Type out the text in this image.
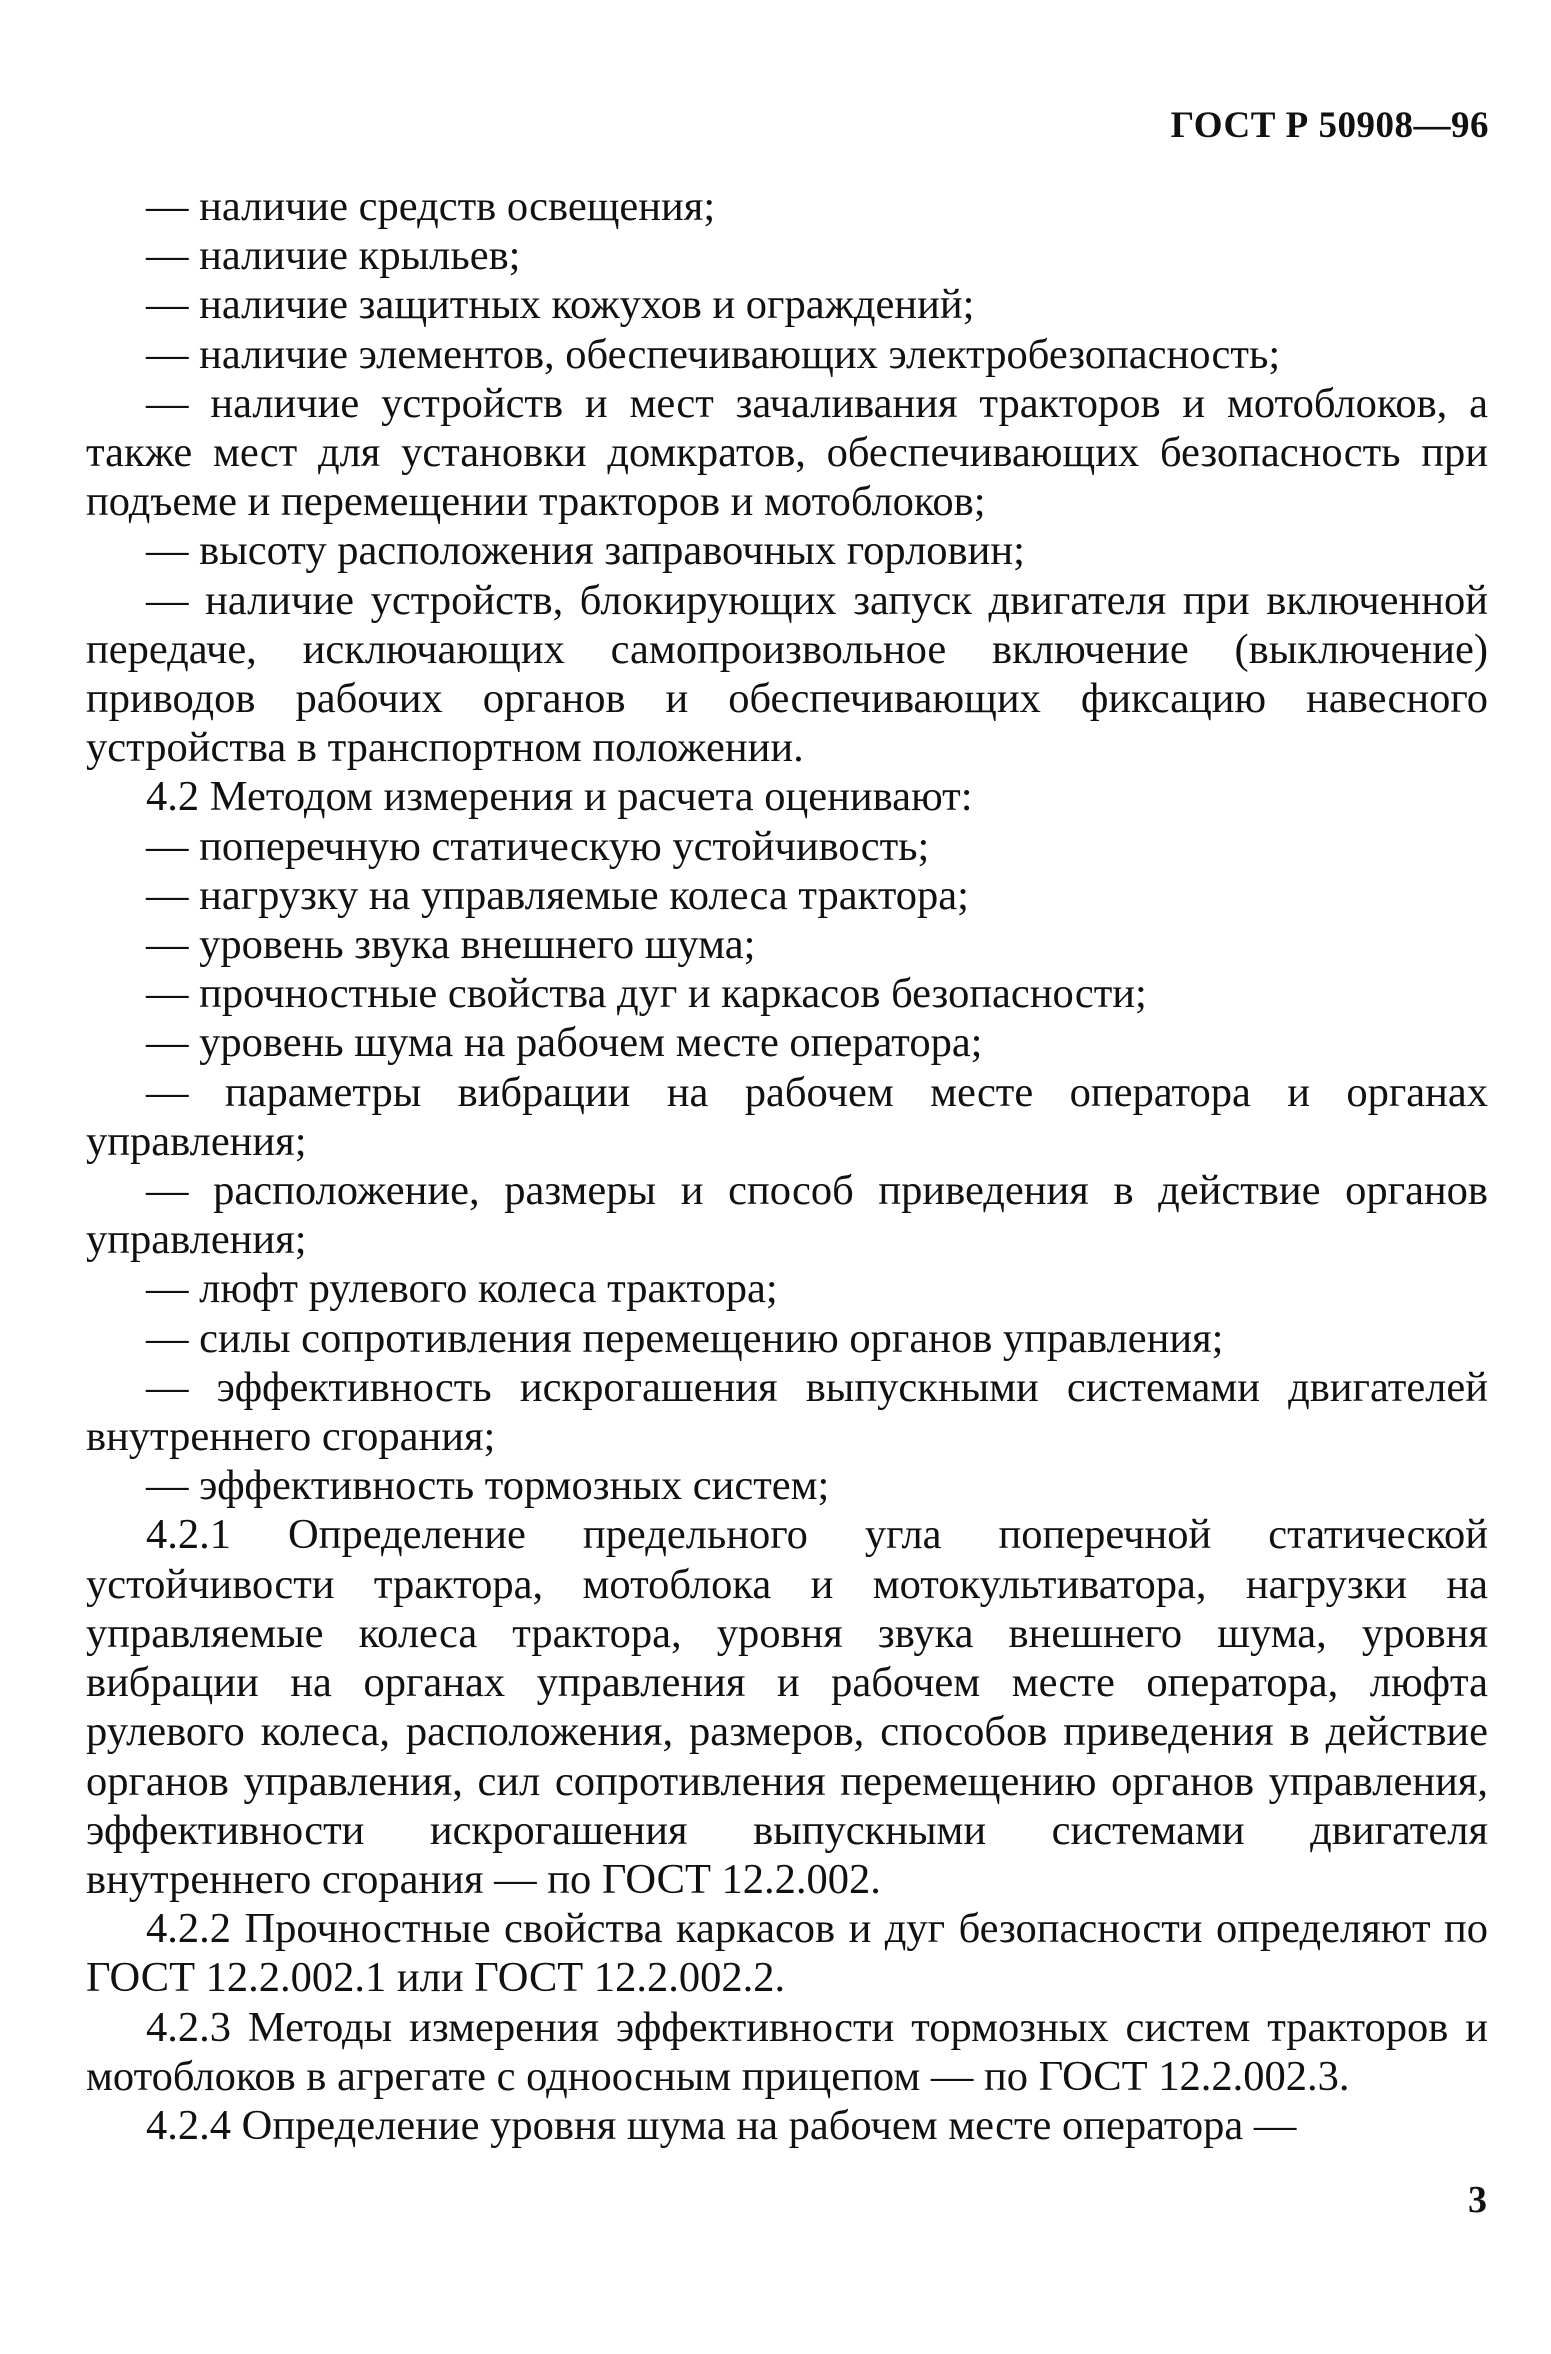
ГОСТ Р 50908—96

— наличие средств освещения;

— наличие крыльев;

— наличие защитных кожухов и ограждений;

— наличие элементов, обеспечивающих электробезопасность;

— наличие устройств и мест зачаливания тракторов и мотоблоков, а также мест для установки домкратов, обеспечивающих безопасность при подъеме и перемещении тракторов и мотоблоков;

— высоту расположения заправочных горловин;

— наличие устройств, блокирующих запуск двигателя при включенной передаче, исключающих самопроизвольное включение (выключение) приводов рабочих органов и обеспечивающих фиксацию навесного устройства в транспортном положении.

4.2 Методом измерения и расчета оценивают:

— поперечную статическую устойчивость;

— нагрузку на управляемые колеса трактора;

— уровень звука внешнего шума;

— прочностные свойства дуг и каркасов безопасности;

— уровень шума на рабочем месте оператора;

— параметры вибрации на рабочем месте оператора и органах управления;

— расположение, размеры и способ приведения в действие органов управления;

— люфт рулевого колеса трактора;

— силы сопротивления перемещению органов управления;

— эффективность искрогашения выпускными системами двигателей внутреннего сгорания;

— эффективность тормозных систем;

4.2.1 Определение предельного угла поперечной статической устойчивости трактора, мотоблока и мотокультиватора, нагрузки на управляемые колеса трактора, уровня звука внешнего шума, уровня вибрации на органах управления и рабочем месте оператора, люфта рулевого колеса, расположения, размеров, способов приведения в действие органов управления, сил сопротивления перемещению органов управления, эффективности искрогашения выпускными системами двигателя внутреннего сгорания — по ГОСТ 12.2.002.

4.2.2 Прочностные свойства каркасов и дуг безопасности определяют по ГОСТ 12.2.002.1 или ГОСТ 12.2.002.2.

4.2.3 Методы измерения эффективности тормозных систем тракторов и мотоблоков в агрегате с одноосным прицепом — по ГОСТ 12.2.002.3.

4.2.4 Определение уровня шума на рабочем месте оператора —

3
